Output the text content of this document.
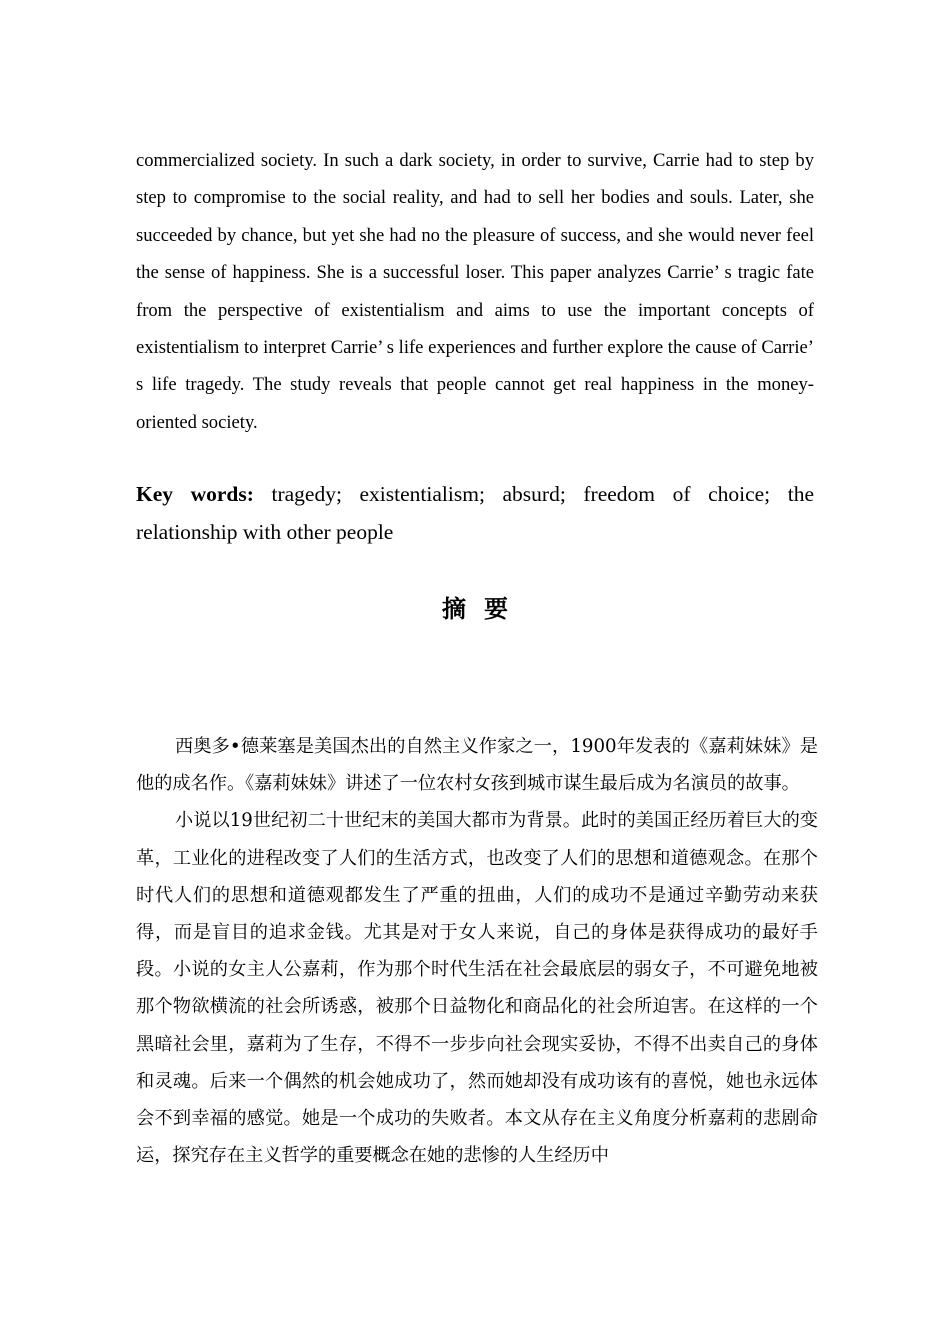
commercialized society. In such a dark society, in order to survive, Carrie had to step by step to compromise to the social reality, and had to sell her bodies and souls. Later, she succeeded by chance, but yet she had no the pleasure of success, and she would never feel the sense of happiness. She is a successful loser. This paper analyzes Carrie’ s tragic fate from the perspective of existentialism and aims to use the important concepts of existentialism to interpret Carrie’ s life experiences and further explore the cause of Carrie’ s life tragedy. The study reveals that people cannot get real happiness in the money-oriented society.

Key words: tragedy; existentialism; absurd; freedom of choice; the relationship with other people

摘要

西奥多•德莱塞是美国杰出的自然主义作家之一，1900年发表的《嘉莉妹妹》是他的成名作。《嘉莉妹妹》讲述了一位农村女孩到城市谋生最后成为名演员的故事。

小说以19世纪初二十世纪末的美国大都市为背景。此时的美国正经历着巨大的变革，工业化的进程改变了人们的生活方式，也改变了人们的思想和道德观念。在那个时代人们的思想和道德观都发生了严重的扭曲，人们的成功不是通过辛勤劳动来获得，而是盲目的追求金钱。尤其是对于女人来说，自己的身体是获得成功的最好手段。小说的女主人公嘉莉，作为那个时代生活在社会最底层的弱女子，不可避免地被那个物欲横流的社会所诱惑，被那个日益物化和商品化的社会所迫害。在这样的一个黑暗社会里，嘉莉为了生存，不得不一步步向社会现实妥协，不得不出卖自己的身体和灵魂。后来一个偶然的机会她成功了，然而她却没有成功该有的喜悦，她也永远体会不到幸福的感觉。她是一个成功的失败者。本文从存在主义角度分析嘉莉的悲剧命运，探究存在主义哲学的重要概念在她的悲惨的人生经历中
